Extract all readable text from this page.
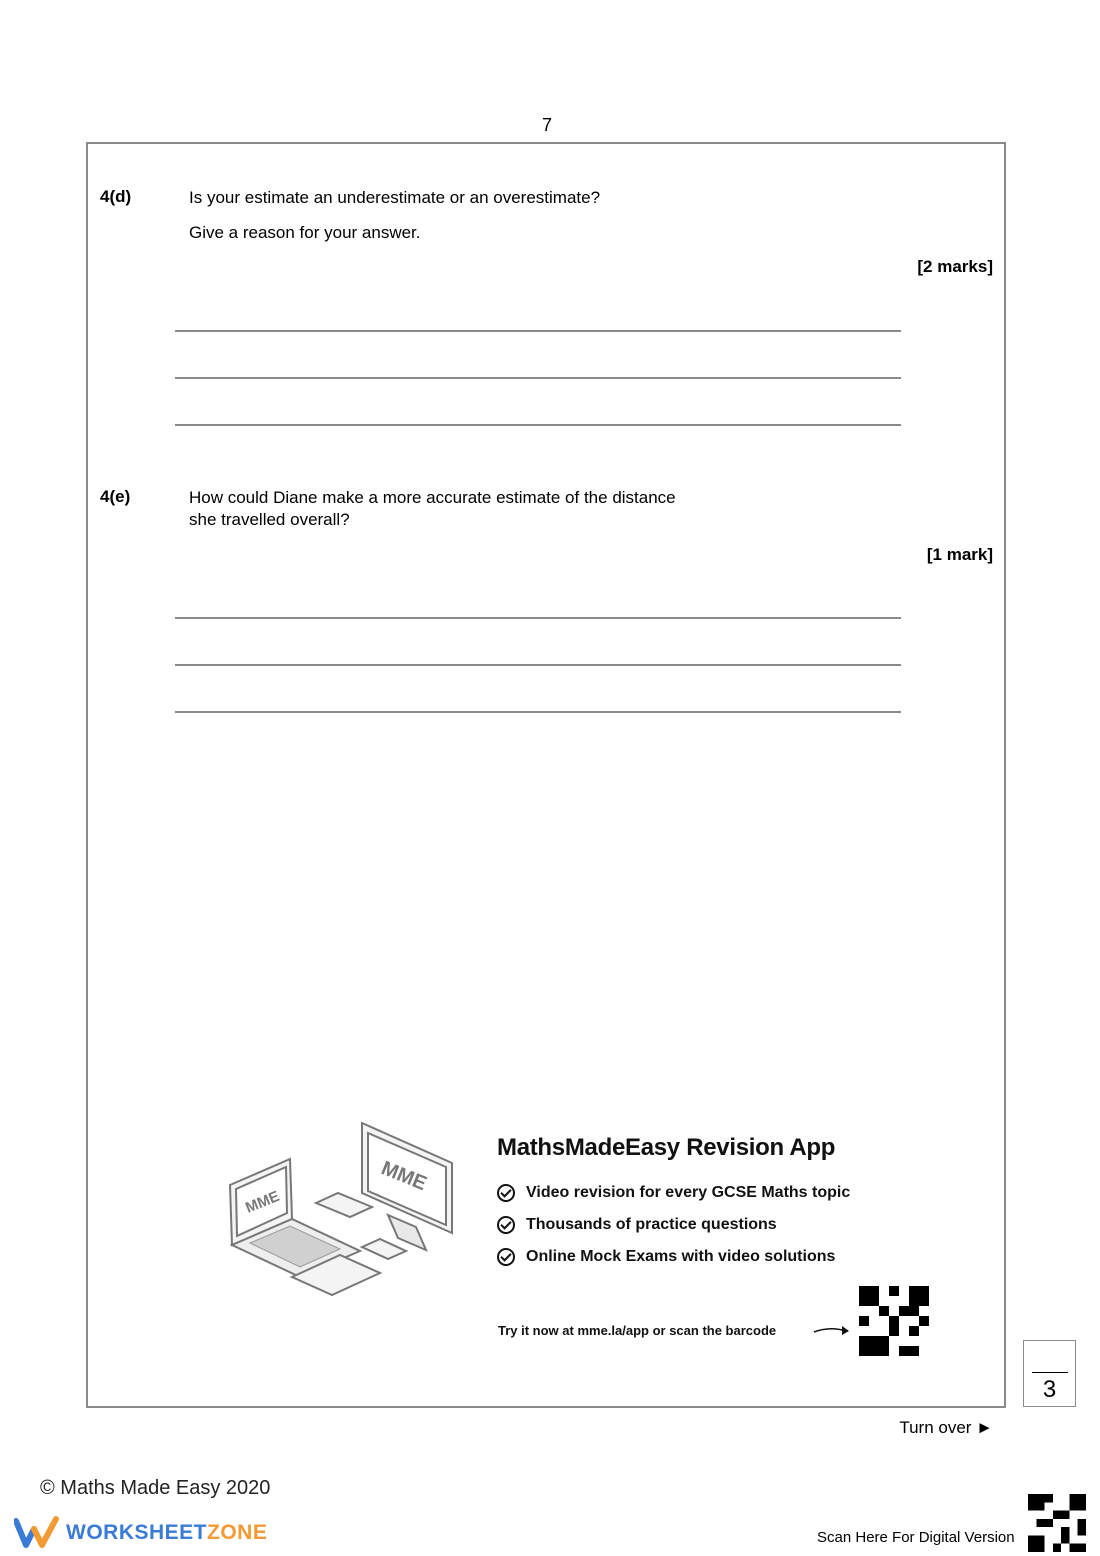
7
4(d)	Is your estimate an underestimate or an overestimate?
Give a reason for your answer.
[2 marks]
4(e)	How could Diane make a more accurate estimate of the distance
she travelled overall?
[1 mark]
MME
MME
MathsMadeEasy Revision App
Video revision for every GCSE Maths topic
Thousands of practice questions
Online Mock Exams with video solutions
Try it now at mme.la/app or scan the barcode
3
Turn over ►
© Maths Made Easy 2020
WORKSHEETZONE	Scan Here For Digital Version
